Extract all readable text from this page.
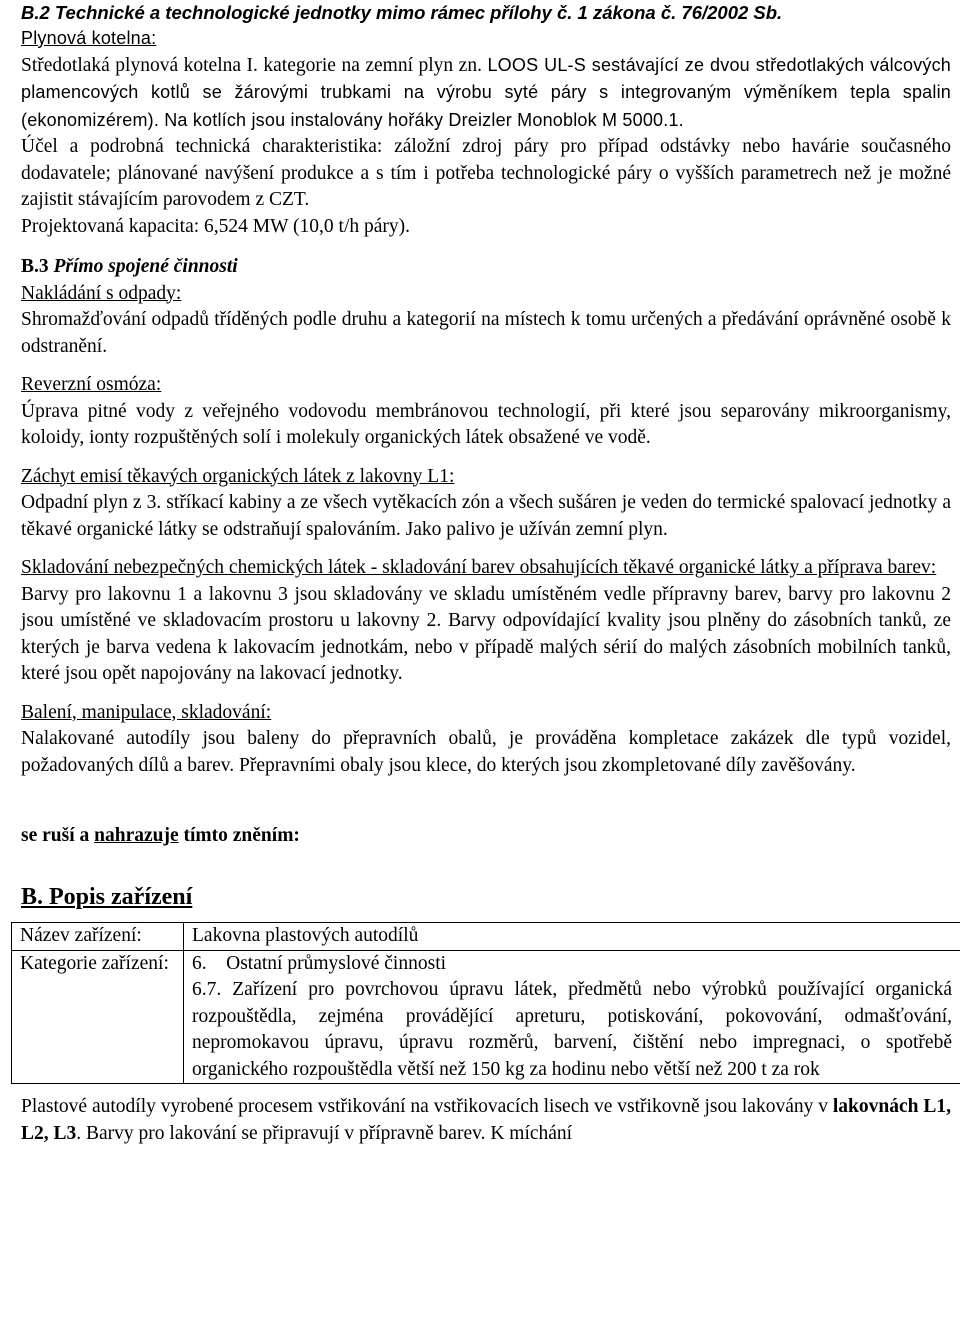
B.2 Technické a technologické jednotky mimo rámec přílohy č. 1 zákona č. 76/2002 Sb.

Plynová kotelna:

Středotlaká plynová kotelna I. kategorie na zemní plyn zn. LOOS UL-S sestávající ze dvou středotlakých válcových plamencových kotlů se žárovými trubkami na výrobu syté páry s integrovaným výměníkem tepla spalin (ekonomizérem). Na kotlích jsou instalovány hořáky Dreizler Monoblok M 5000.1.

Účel a podrobná technická charakteristika: záložní zdroj páry pro případ odstávky nebo havárie současného dodavatele; plánované navýšení produkce a s tím i potřeba technologické páry o vyšších parametrech než je možné zajistit stávajícím parovodem z CZT.

Projektovaná kapacita: 6,524 MW (10,0 t/h páry).

B.3 Přímo spojené činnosti

Nakládání s odpady:

Shromažďování odpadů tříděných podle druhu a kategorií na místech k tomu určených a předávání oprávněné osobě k odstranění.

Reverzní osmóza:

Úprava pitné vody z veřejného vodovodu membránovou technologií, při které jsou separovány mikroorganismy, koloidy, ionty rozpuštěných solí i molekuly organických látek obsažené ve vodě.

Záchyt emisí těkavých organických látek z lakovny L1:

Odpadní plyn z 3. stříkací kabiny a ze všech vytěkacích zón a všech sušáren je veden do termické spalovací jednotky a těkavé organické látky se odstraňují spalováním. Jako palivo je užíván zemní plyn.

Skladování nebezpečných chemických látek - skladování barev obsahujících těkavé organické látky a příprava barev:

Barvy pro lakovnu 1 a lakovnu 3 jsou skladovány ve skladu umístěném vedle přípravny barev, barvy pro lakovnu 2 jsou umístěné ve skladovacím prostoru u lakovny 2. Barvy odpovídající kvality jsou plněny do zásobních tanků, ze kterých je barva vedena k lakovacím jednotkám, nebo v případě malých sérií do malých zásobních mobilních tanků, které jsou opět napojovány na lakovací jednotky.

Balení, manipulace, skladování:

Nalakované autodíly jsou baleny do přepravních obalů, je prováděna kompletace zakázek dle typů vozidel, požadovaných dílů a barev. Přepravními obaly jsou klece, do kterých jsou zkompletované díly zavěšovány.

se ruší a nahrazuje tímto zněním:

B. Popis zařízení

Název zařízení:	Lakovna plastových autodílů
Kategorie zařízení:	6.    Ostatní průmyslové činnosti
6.7. Zařízení pro povrchovou úpravu látek, předmětů nebo výrobků používající organická rozpouštědla, zejména provádějící apreturu, potiskování, pokovování, odmašťování, nepromokavou úpravu, úpravu rozměrů, barvení, čištění nebo impregnaci, o spotřebě organického rozpouštědla větší než 150 kg za hodinu nebo větší než 200 t za rok

Plastové autodíly vyrobené procesem vstřikování na vstřikovacích lisech ve vstřikovně jsou lakovány v lakovnách L1, L2, L3. Barvy pro lakování se připravují v přípravně barev. K míchání
